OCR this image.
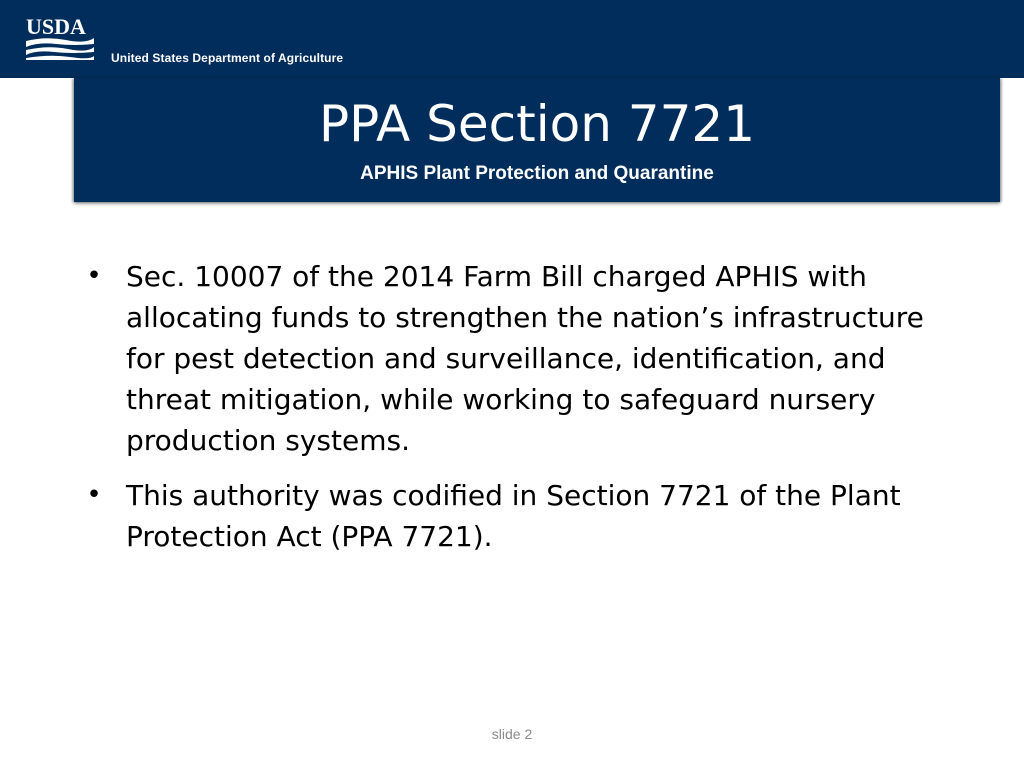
USDA
United States Department of Agriculture
PPA Section 7721
APHIS Plant Protection and Quarantine
• Sec. 10007 of the 2014 Farm Bill charged APHIS with allocating funds to strengthen the nation’s infrastructure for pest detection and surveillance, identification, and threat mitigation, while working to safeguard nursery production systems.
• This authority was codified in Section 7721 of the Plant Protection Act (PPA 7721).
slide 2
